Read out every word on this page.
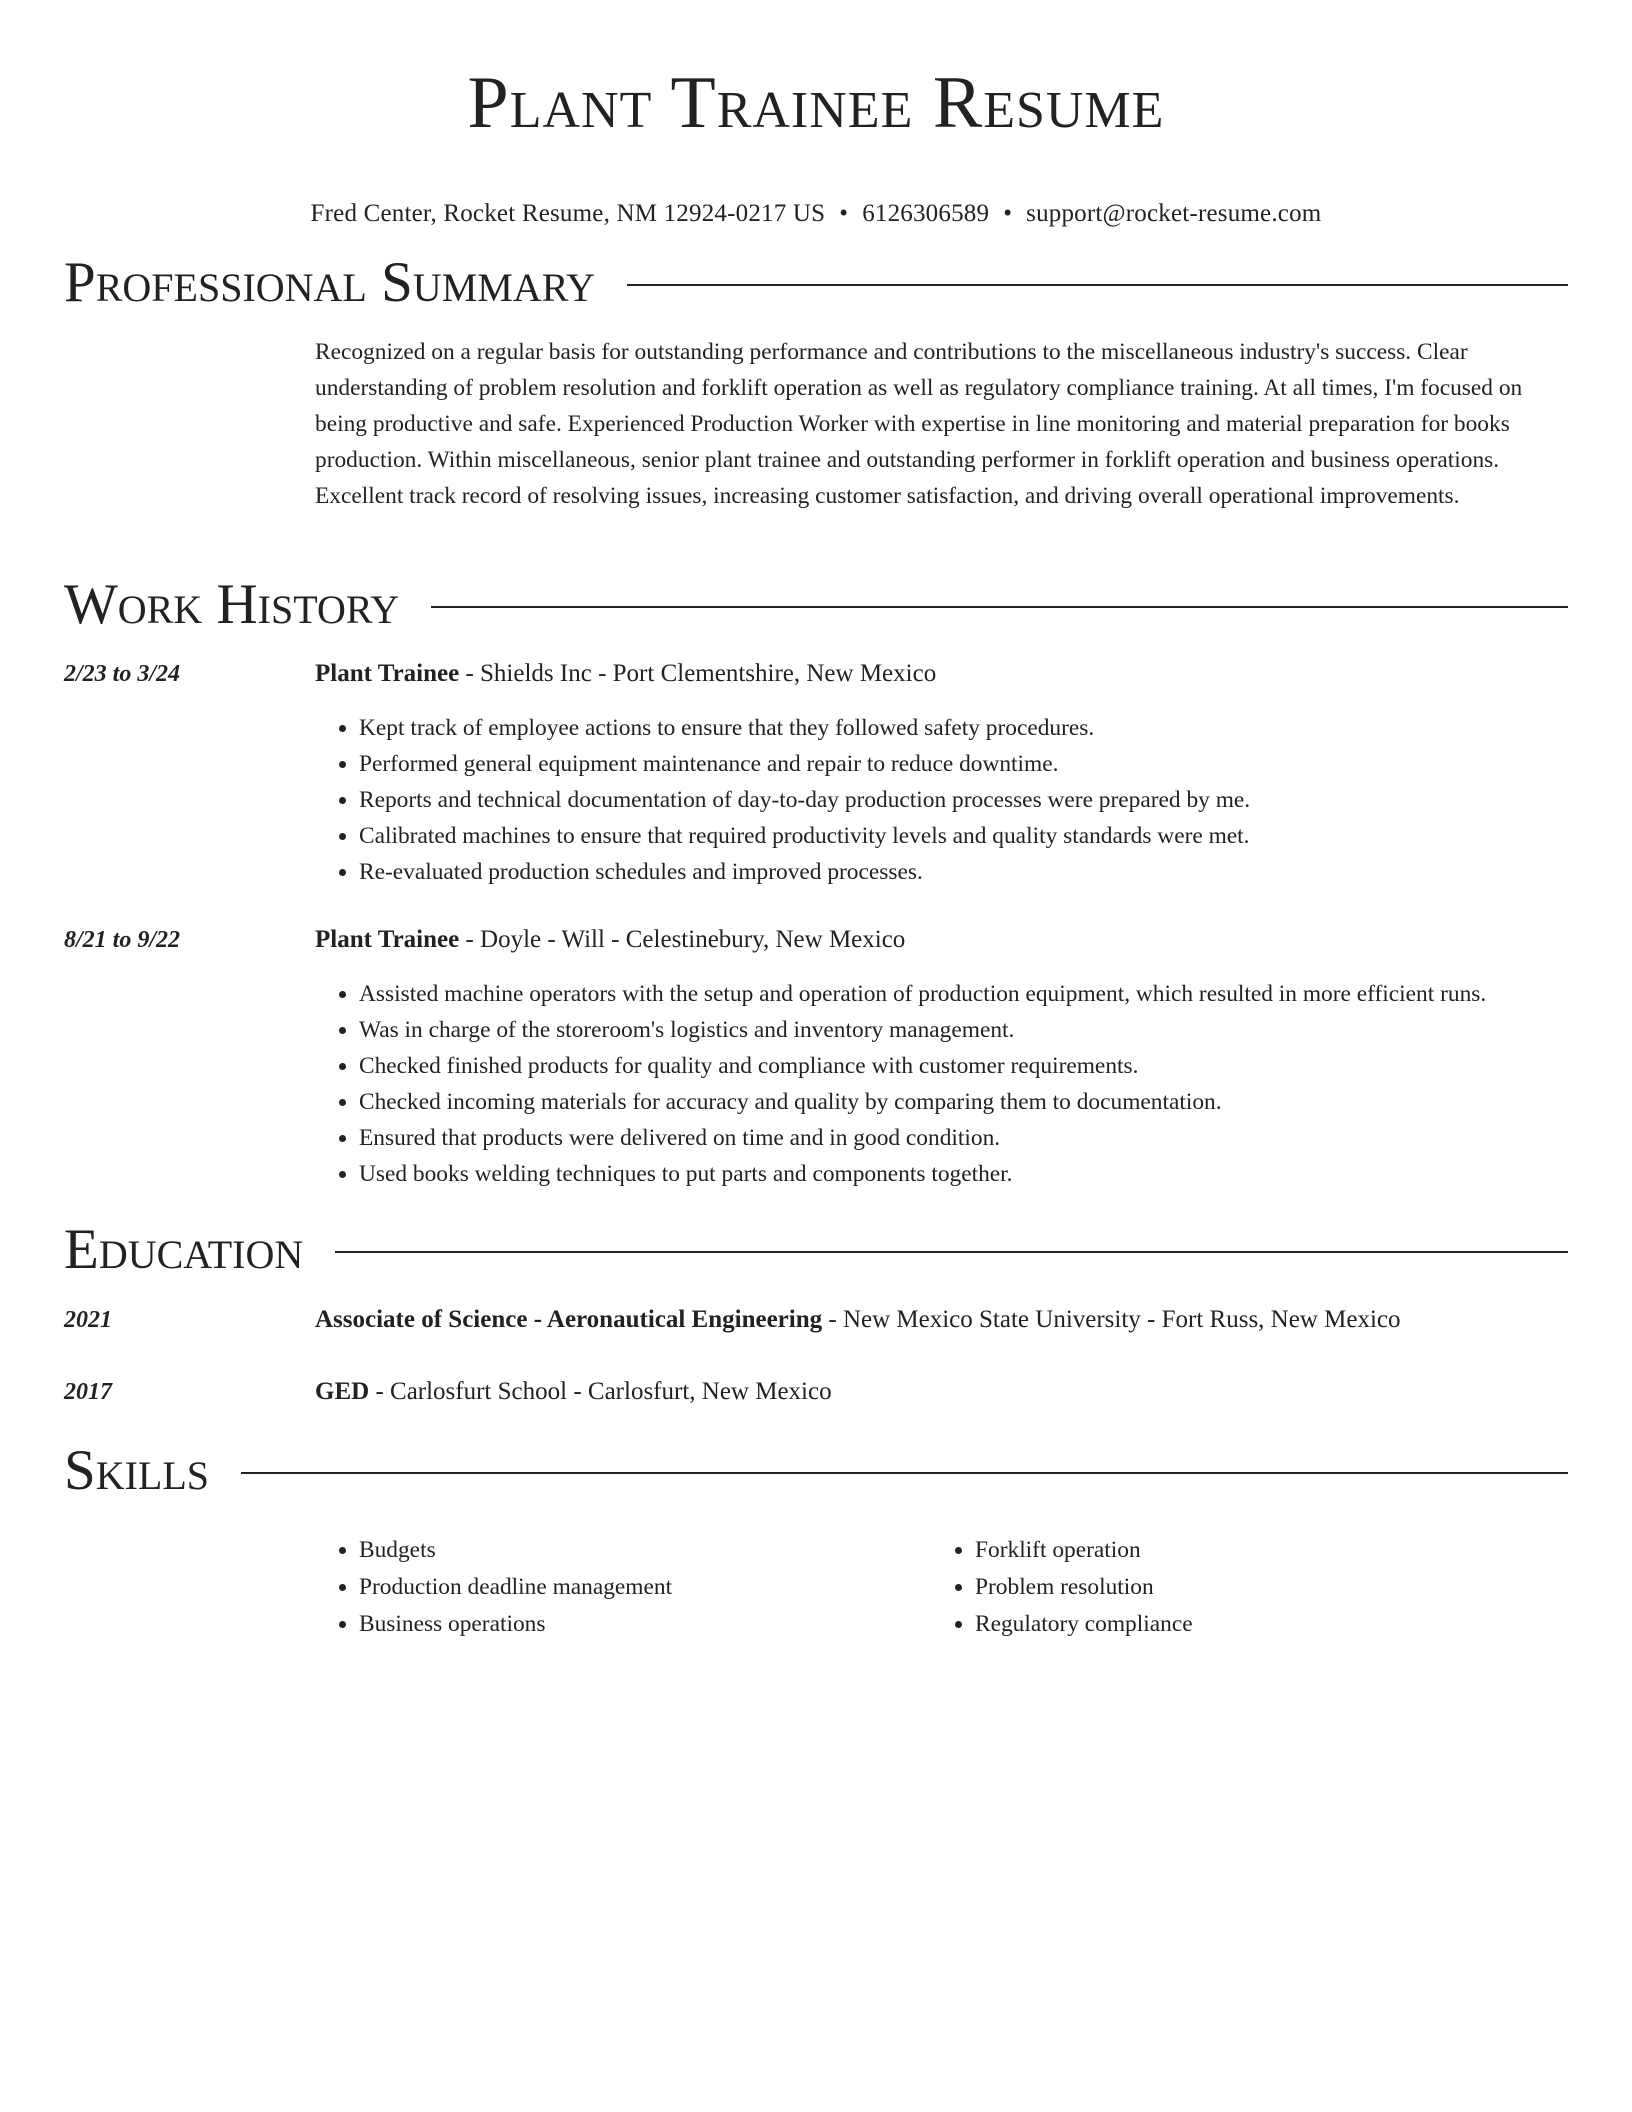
Plant Trainee Resume
Fred Center, Rocket Resume, NM 12924-0217 US • 6126306589 • support@rocket-resume.com
Professional Summary
Recognized on a regular basis for outstanding performance and contributions to the miscellaneous industry's success. Clear understanding of problem resolution and forklift operation as well as regulatory compliance training. At all times, I'm focused on being productive and safe. Experienced Production Worker with expertise in line monitoring and material preparation for books production. Within miscellaneous, senior plant trainee and outstanding performer in forklift operation and business operations. Excellent track record of resolving issues, increasing customer satisfaction, and driving overall operational improvements.
Work History
2/23 to 3/24	Plant Trainee - Shields Inc - Port Clementshire, New Mexico
• Kept track of employee actions to ensure that they followed safety procedures.
• Performed general equipment maintenance and repair to reduce downtime.
• Reports and technical documentation of day-to-day production processes were prepared by me.
• Calibrated machines to ensure that required productivity levels and quality standards were met.
• Re-evaluated production schedules and improved processes.
8/21 to 9/22	Plant Trainee - Doyle - Will - Celestinebury, New Mexico
• Assisted machine operators with the setup and operation of production equipment, which resulted in more efficient runs.
• Was in charge of the storeroom's logistics and inventory management.
• Checked finished products for quality and compliance with customer requirements.
• Checked incoming materials for accuracy and quality by comparing them to documentation.
• Ensured that products were delivered on time and in good condition.
• Used books welding techniques to put parts and components together.
Education
2021	Associate of Science - Aeronautical Engineering - New Mexico State University - Fort Russ, New Mexico
2017	GED - Carlosfurt School - Carlosfurt, New Mexico
Skills
• Budgets
• Production deadline management
• Business operations
• Forklift operation
• Problem resolution
• Regulatory compliance
